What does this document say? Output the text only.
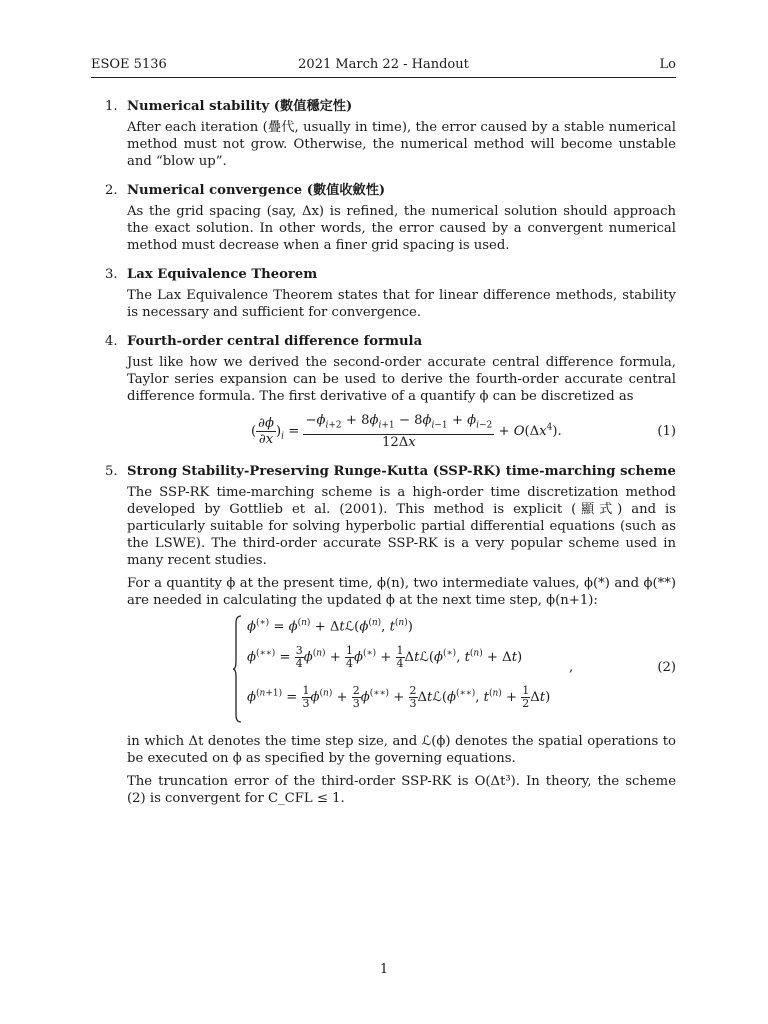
ESOE 5136	2021 March 22 - Handout	Lo
1. Numerical stability (數值穩定性)

After each iteration (疊代, usually in time), the error caused by a stable numerical method must not grow. Otherwise, the numerical method will become unstable and “blow up”.

2. Numerical convergence (數值收斂性)

As the grid spacing (say, Δx) is refined, the numerical solution should approach the exact solution. In other words, the error caused by a convergent numerical method must decrease when a finer grid spacing is used.

3. Lax Equivalence Theorem

The Lax Equivalence Theorem states that for linear difference methods, stability is necessary and sufficient for convergence.

4. Fourth-order central difference formula

Just like how we derived the second-order accurate central difference formula, Taylor series expansion can be used to derive the fourth-order accurate central difference formula. The first derivative of a quantify ϕ can be discretized as

( $\frac{\partial\phi}{\partial x} )_i = \frac{-\phi_{i+2} + 8\phi_{i+1} - 8\phi_{i-1} + \phi_{i-2}}{12\Delta x} + O(\Delta x^4)$.	(1)
5. Strong Stability-Preserving Runge-Kutta (SSP-RK) time-marching scheme

The SSP-RK time-marching scheme is a high-order time discretization method developed by Gottlieb et al. (2001). This method is explicit (顯式) and is particularly suitable for solving hyperbolic partial differential equations (such as the LSWE). The third-order accurate SSP-RK is a very popular scheme used in many recent studies.

For a quantity ϕ at the present time, ϕ(n), two intermediate values, ϕ(*) and ϕ(**) are needed in calculating the updated ϕ at the next time step, ϕ(n+1):

$\phi^{(∗)} = \phi^{(n)}$ + $\Delta tℒ(\phi^{(n)}$, $t^{(n)}$)
$\phi^{(∗∗)} = \frac{3}{4} \phi^{(n)} + \frac{1}{4} \phi^{(∗)} + \frac{1}{4}$ Δtℒ(ϕ(∗), $t^{(n)} + \Delta t$)
$\phi^{(n+1)} = \frac{1}{3} \phi^{(n)} + \frac{2}{3} \phi^{(∗∗)} + \frac{2}{3}$ Δtℒ(ϕ(∗∗), $t^{(n)} + \frac{1}{2} \Delta t$)
,	(2)

in which Δt denotes the time step size, and ℒ(ϕ) denotes the spatial operations to be executed on ϕ as specified by the governing equations.

The truncation error of the third-order SSP-RK is O(Δt³). In theory, the scheme (2) is convergent for C_CFL ≤ 1.

1
